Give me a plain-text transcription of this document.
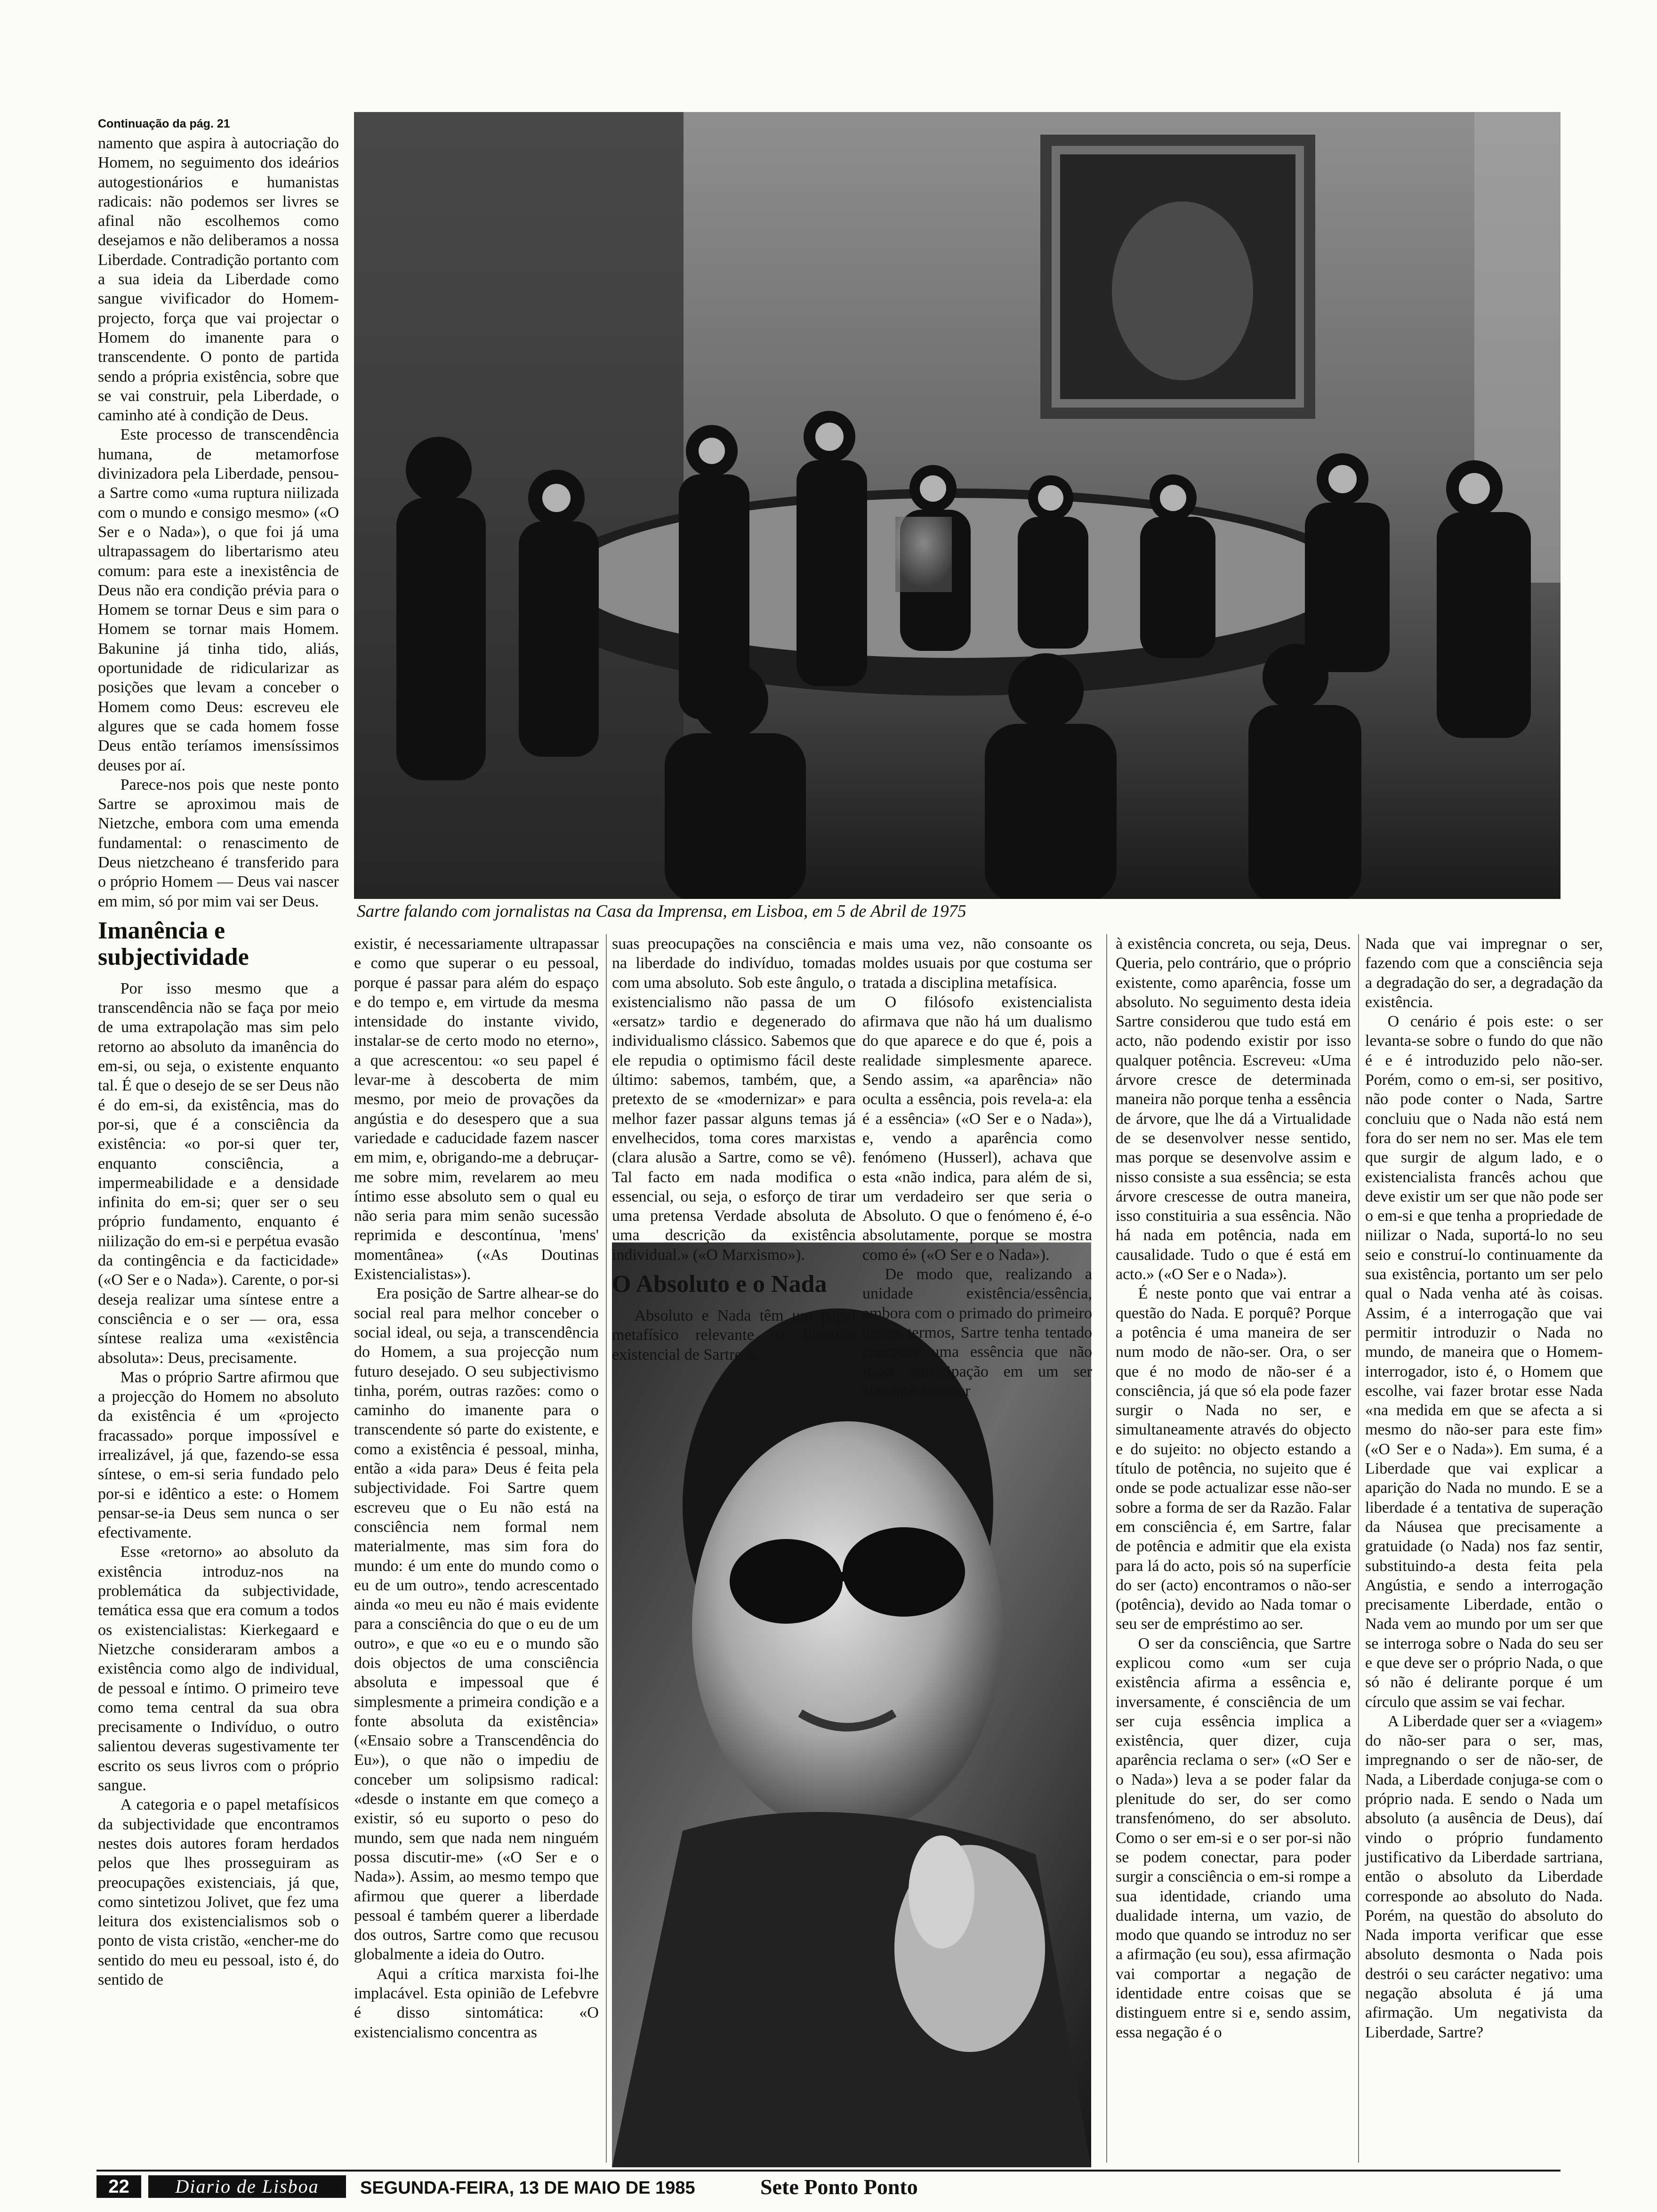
Sartre falando com jornalistas na Casa da Imprensa, em Lisboa, em 5 de Abril de 1975
Continuação da pág. 21

namento que aspira à autocriação do Homem, no seguimento dos ideários autogestionários e humanistas radicais: não podemos ser livres se afinal não escolhemos como desejamos e não deliberamos a nossa Liberdade. Contradição portanto com a sua ideia da Liberdade como sangue vivificador do Homem-projecto, força que vai projectar o Homem do imanente para o transcendente. O ponto de partida sendo a própria existência, sobre que se vai construir, pela Liberdade, o caminho até à condição de Deus.

Este processo de transcendência humana, de metamorfose divinizadora pela Liberdade, pensou-a Sartre como «uma ruptura niilizada com o mundo e consigo mesmo» («O Ser e o Nada»), o que foi já uma ultrapassagem do libertarismo ateu comum: para este a inexistência de Deus não era condição prévia para o Homem se tornar Deus e sim para o Homem se tornar mais Homem. Bakunine já tinha tido, aliás, oportunidade de ridicularizar as posições que levam a conceber o Homem como Deus: escreveu ele algures que se cada homem fosse Deus então teríamos imensíssimos deuses por aí.

Parece-nos pois que neste ponto Sartre se aproximou mais de Nietzche, embora com uma emenda fundamental: o renascimento de Deus nietzcheano é transferido para o próprio Homem — Deus vai nascer em mim, só por mim vai ser Deus.

Imanência e subjectividade

Por isso mesmo que a transcendência não se faça por meio de uma extrapolação mas sim pelo retorno ao absoluto da imanência do em-si, ou seja, o existente enquanto tal. É que o desejo de se ser Deus não é do em-si, da existência, mas do por-si, que é a consciência da existência: «o por-si quer ter, enquanto consciência, a impermeabilidade e a densidade infinita do em-si; quer ser o seu próprio fundamento, enquanto é niilização do em-si e perpétua evasão da contingência e da facticidade» («O Ser e o Nada»). Carente, o por-si deseja realizar uma síntese entre a consciência e o ser — ora, essa síntese realiza uma «existência absoluta»: Deus, precisamente.

Mas o próprio Sartre afirmou que a projecção do Homem no absoluto da existência é um «projecto fracassado» porque impossível e irrealizável, já que, fazendo-se essa síntese, o em-si seria fundado pelo por-si e idêntico a este: o Homem pensar-se-ia Deus sem nunca o ser efectivamente.

Esse «retorno» ao absoluto da existência introduz-nos na problemática da subjectividade, temática essa que era comum a todos os existencialistas: Kierkegaard e Nietzche consideraram ambos a existência como algo de individual, de pessoal e íntimo. O primeiro teve como tema central da sua obra precisamente o Indivíduo, o outro salientou deveras sugestivamente ter escrito os seus livros com o próprio sangue.

A categoria e o papel metafísicos da subjectividade que encontramos nestes dois autores foram herdados pelos que lhes prosseguiram as preocupações existenciais, já que, como sintetizou Jolivet, que fez uma leitura dos existencialismos sob o ponto de vista cristão, «encher-me do sentido do meu eu pessoal, isto é, do sentido de

existir, é necessariamente ultrapassar e como que superar o eu pessoal, porque é passar para além do espaço e do tempo e, em virtude da mesma intensidade do instante vivido, instalar-se de certo modo no eterno», a que acrescentou: «o seu papel é levar-me à descoberta de mim mesmo, por meio de provações da angústia e do desespero que a sua variedade e caducidade fazem nascer em mim, e, obrigando-me a debruçar-me sobre mim, revelarem ao meu íntimo esse absoluto sem o qual eu não seria para mim senão sucessão reprimida e descontínua, 'mens' momentânea» («As Doutinas Existencialistas»).

Era posição de Sartre alhear-se do social real para melhor conceber o social ideal, ou seja, a transcendência do Homem, a sua projecção num futuro desejado. O seu subjectivismo tinha, porém, outras razões: como o caminho do imanente para o transcendente só parte do existente, e como a existência é pessoal, minha, então a «ida para» Deus é feita pela subjectividade. Foi Sartre quem escreveu que o Eu não está na consciência nem formal nem materialmente, mas sim fora do mundo: é um ente do mundo como o eu de um outro», tendo acrescentado ainda «o meu eu não é mais evidente para a consciência do que o eu de um outro», e que «o eu e o mundo são dois objectos de uma consciência absoluta e impessoal que é simplesmente a primeira condição e a fonte absoluta da existência» («Ensaio sobre a Transcendência do Eu»), o que não o impediu de conceber um solipsismo radical: «desde o instante em que começo a existir, só eu suporto o peso do mundo, sem que nada nem ninguém possa discutir-me» («O Ser e o Nada»). Assim, ao mesmo tempo que afirmou que querer a liberdade pessoal é também querer a liberdade dos outros, Sartre como que recusou globalmente a ideia do Outro.

Aqui a crítica marxista foi-lhe implacável. Esta opinião de Lefebvre é disso sintomática: «O existencialismo concentra as

suas preocupações na consciência e na liberdade do indivíduo, tomadas com uma absoluto. Sob este ângulo, o existencialismo não passa de um «ersatz» tardio e degenerado do individualismo clássico. Sabemos que ele repudia o optimismo fácil deste último: sabemos, também, que, a pretexto de se «modernizar» e para melhor fazer passar alguns temas já envelhecidos, toma cores marxistas (clara alusão a Sartre, como se vê). Tal facto em nada modifica o essencial, ou seja, o esforço de tirar uma pretensa Verdade absoluta de uma descrição da existência individual.» («O Marxismo»).

O Absoluto e o Nada

Absoluto e Nada têm um papel metafísico relevante na filosofia existencial de Sartre e,

mais uma vez, não consoante os moldes usuais por que costuma ser tratada a disciplina metafísica.

O filósofo existencialista afirmava que não há um dualismo do que aparece e do que é, pois a realidade simplesmente aparece. Sendo assim, «a aparência» não oculta a essência, pois revela-a: ela é a essência» («O Ser e o Nada»), e, vendo a aparência como fenómeno (Husserl), achava que esta «não indica, para além de si, um verdadeiro ser que seria o Absoluto. O que o fenómeno é, é-o absolutamente, porque se mostra como é» («O Ser e o Nada»).

De modo que, realizando a unidade existência/essência, embora com o primado do primeiro destes termos, Sartre tenha tentado conceber uma essência que não fosse participação em um ser absoluto exterior

à existência concreta, ou seja, Deus. Queria, pelo contrário, que o próprio existente, como aparência, fosse um absoluto. No seguimento desta ideia Sartre considerou que tudo está em acto, não podendo existir por isso qualquer potência. Escreveu: «Uma árvore cresce de determinada maneira não porque tenha a essência de árvore, que lhe dá a Virtualidade de se desenvolver nesse sentido, mas porque se desenvolve assim e nisso consiste a sua essência; se esta árvore crescesse de outra maneira, isso constituiria a sua essência. Não há nada em potência, nada em causalidade. Tudo o que é está em acto.» («O Ser e o Nada»).

É neste ponto que vai entrar a questão do Nada. E porquê? Porque a potência é uma maneira de ser num modo de não-ser. Ora, o ser que é no modo de não-ser é a consciência, já que só ela pode fazer surgir o Nada no ser, e simultaneamente através do objecto e do sujeito: no objecto estando a título de potência, no sujeito que é onde se pode actualizar esse não-ser sobre a forma de ser da Razão. Falar em consciência é, em Sartre, falar de potência e admitir que ela exista para lá do acto, pois só na superfície do ser (acto) encontramos o não-ser (potência), devido ao Nada tomar o seu ser de empréstimo ao ser.

O ser da consciência, que Sartre explicou como «um ser cuja existência afirma a essência e, inversamente, é consciência de um ser cuja essência implica a existência, quer dizer, cuja aparência reclama o ser» («O Ser e o Nada») leva a se poder falar da plenitude do ser, do ser como transfenómeno, do ser absoluto. Como o ser em-si e o ser por-si não se podem conectar, para poder surgir a consciência o em-si rompe a sua identidade, criando uma dualidade interna, um vazio, de modo que quando se introduz no ser a afirmação (eu sou), essa afirmação vai comportar a negação de identidade entre coisas que se distinguem entre si e, sendo assim, essa negação é o

Nada que vai impregnar o ser, fazendo com que a consciência seja a degradação do ser, a degradação da existência.

O cenário é pois este: o ser levanta-se sobre o fundo do que não é e é introduzido pelo não-ser. Porém, como o em-si, ser positivo, não pode conter o Nada, Sartre concluiu que o Nada não está nem fora do ser nem no ser. Mas ele tem que surgir de algum lado, e o existencialista francês achou que deve existir um ser que não pode ser o em-si e que tenha a propriedade de niilizar o Nada, suportá-lo no seu seio e construí-lo continuamente da sua existência, portanto um ser pelo qual o Nada venha até às coisas. Assim, é a interrogação que vai permitir introduzir o Nada no mundo, de maneira que o Homem-interrogador, isto é, o Homem que escolhe, vai fazer brotar esse Nada «na medida em que se afecta a si mesmo do não-ser para este fim» («O Ser e o Nada»). Em suma, é a Liberdade que vai explicar a aparição do Nada no mundo. E se a liberdade é a tentativa de superação da Náusea que precisamente a gratuidade (o Nada) nos faz sentir, substituindo-a desta feita pela Angústia, e sendo a interrogação precisamente Liberdade, então o Nada vem ao mundo por um ser que se interroga sobre o Nada do seu ser e que deve ser o próprio Nada, o que só não é delirante porque é um círculo que assim se vai fechar.

A Liberdade quer ser a «viagem» do não-ser para o ser, mas, impregnando o ser de não-ser, de Nada, a Liberdade conjuga-se com o próprio nada. E sendo o Nada um absoluto (a ausência de Deus), daí vindo o próprio fundamento justificativo da Liberdade sartriana, então o absoluto da Liberdade corresponde ao absoluto do Nada. Porém, na questão do absoluto do Nada importa verificar que esse absoluto desmonta o Nada pois destrói o seu carácter negativo: uma negação absoluta é já uma afirmação. Um negativista da Liberdade, Sartre?

22	Diario de Lisboa	SEGUNDA-FEIRA, 13 DE MAIO DE 1985	Sete Ponto Ponto
